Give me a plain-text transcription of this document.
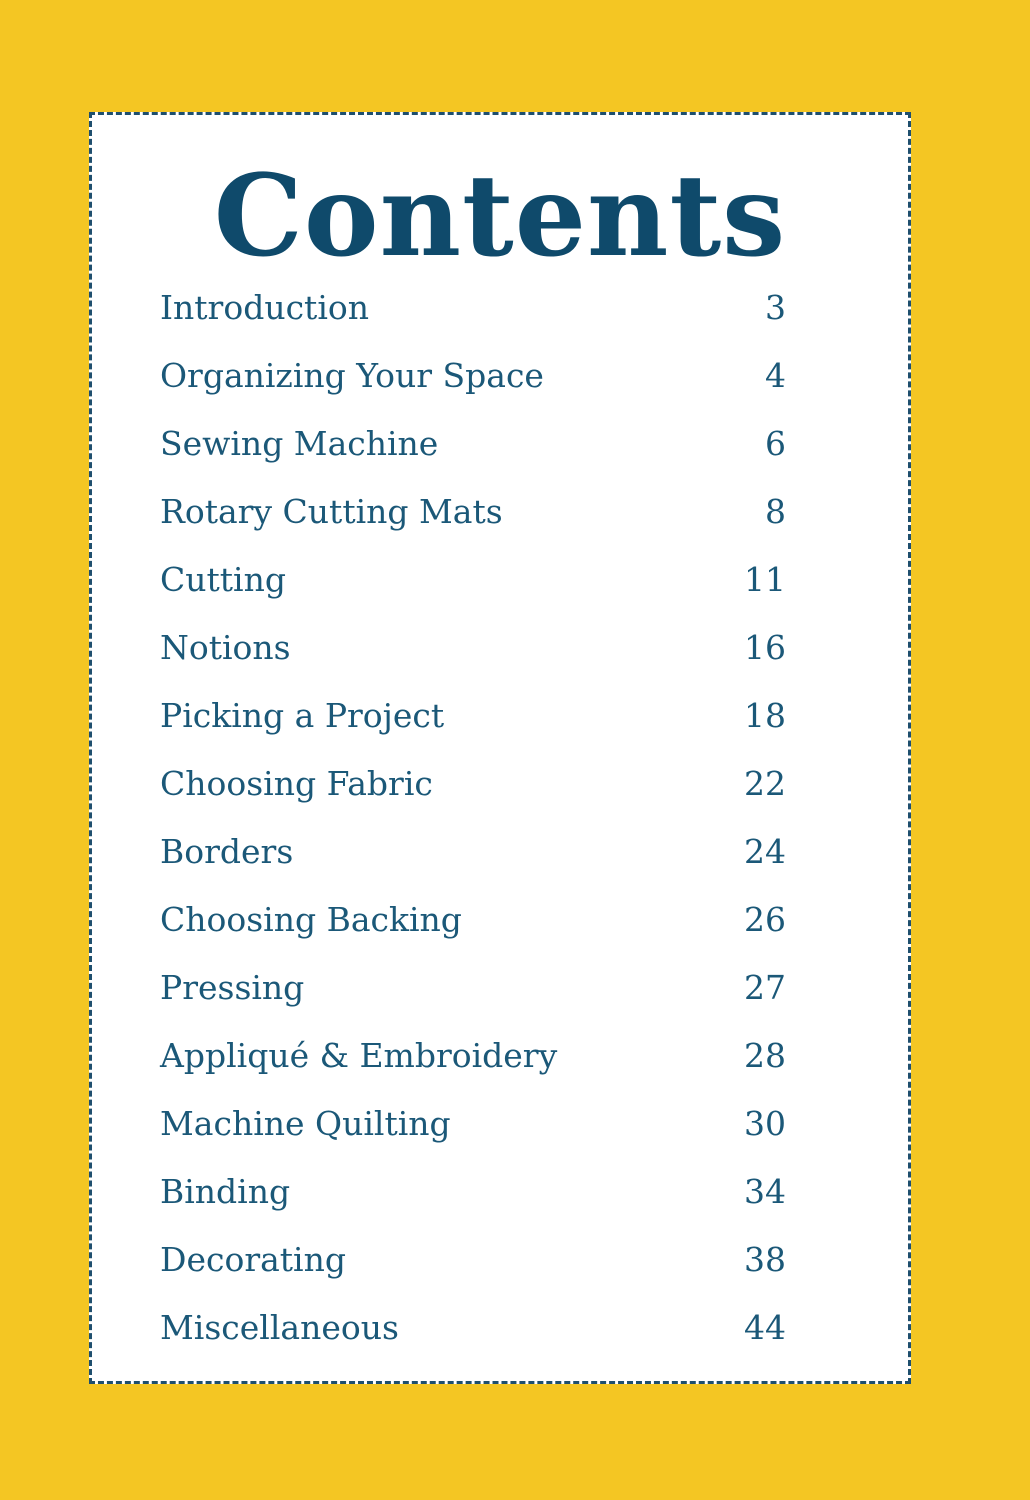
Contents
Introduction	3
Organizing Your Space	4
Sewing Machine	6
Rotary Cutting Mats	8
Cutting	11
Notions	16
Picking a Project	18
Choosing Fabric	22
Borders	24
Choosing Backing	26
Pressing	27
Appliqué & Embroidery	28
Machine Quilting	30
Binding	34
Decorating	38
Miscellaneous	44
